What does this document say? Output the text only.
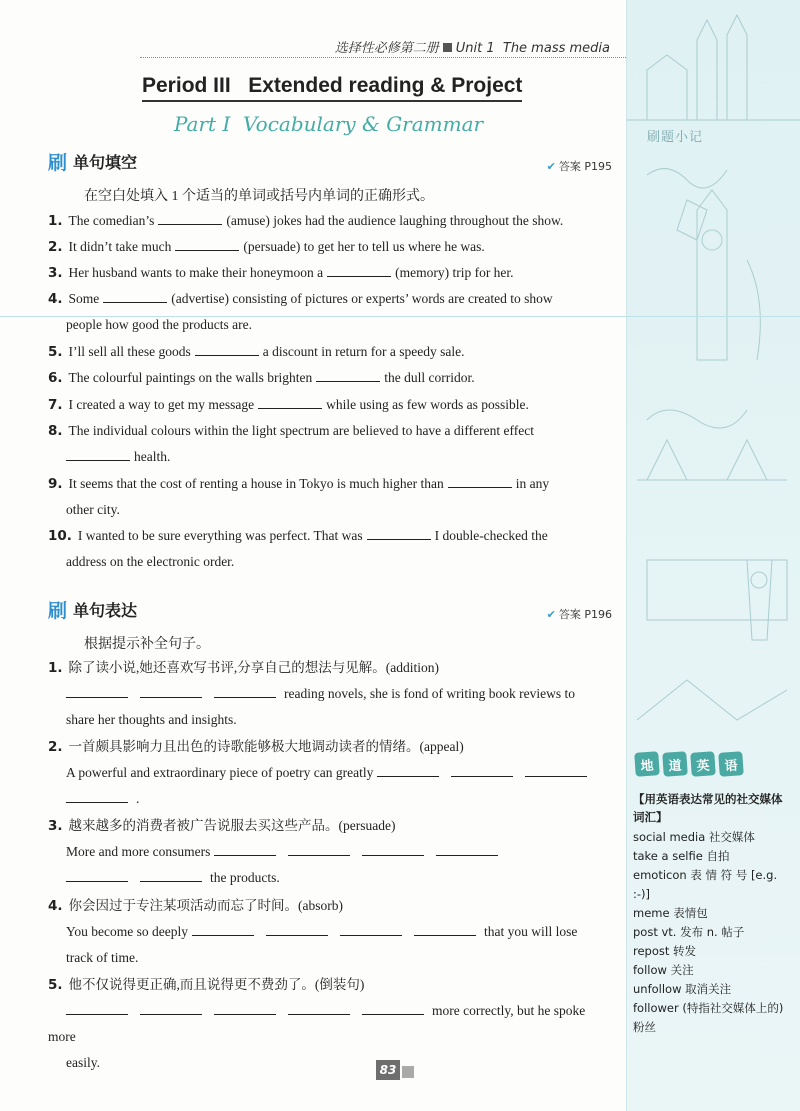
刷题小记
地	道	英	语
【用英语表达常见的社交媒体词汇】
social media 社交媒体
take a selfie 自拍
emoticon 表 情 符 号 [e.g. :-)]
meme 表情包
post vt. 发布 n. 帖子
repost 转发
follow 关注
unfollow 取消关注
follower (特指社交媒体上的)粉丝
选择性必修第二册 Unit 1 The mass media
Period III   Extended reading & Project
Part I  Vocabulary & Grammar
刷 单句填空	✔ 答案 P195
在空白处填入 1 个适当的单词或括号内单词的正确形式。
1. The comedian’s	(amuse) jokes had the audience laughing throughout the show.
2. It didn’t take much	(persuade) to get her to tell us where he was.
3. Her husband wants to make their honeymoon a	(memory) trip for her.
4. Some	(advertise) consisting of pictures or experts’ words are created to show
people how good the products are.
5. I’ll sell all these goods	a discount in return for a speedy sale.
6. The colourful paintings on the walls brighten	the dull corridor.
7. I created a way to get my message	while using as few words as possible.
8. The individual colours within the light spectrum are believed to have a different effect
health.
9. It seems that the cost of renting a house in Tokyo is much higher than	in any
other city.
10. I wanted to be sure everything was perfect. That was	I double-checked the
address on the electronic order.
刷 单句表达	✔ 答案 P196
根据提示补全句子。
1. 除了读小说,她还喜欢写书评,分享自己的想法与见解。(addition)
reading novels, she is fond of writing book reviews to
share her thoughts and insights.
2. 一首颇具影响力且出色的诗歌能够极大地调动读者的情绪。(appeal)
A powerful and extraordinary piece of poetry can greatly
.
3. 越来越多的消费者被广告说服去买这些产品。(persuade)
More and more consumers
the products.
4. 你会因过于专注某项活动而忘了时间。(absorb)
You become so deeply	that you will lose
track of time.
5. 他不仅说得更正确,而且说得更不费劲了。(倒装句)
more correctly, but he spoke more
easily.	83
